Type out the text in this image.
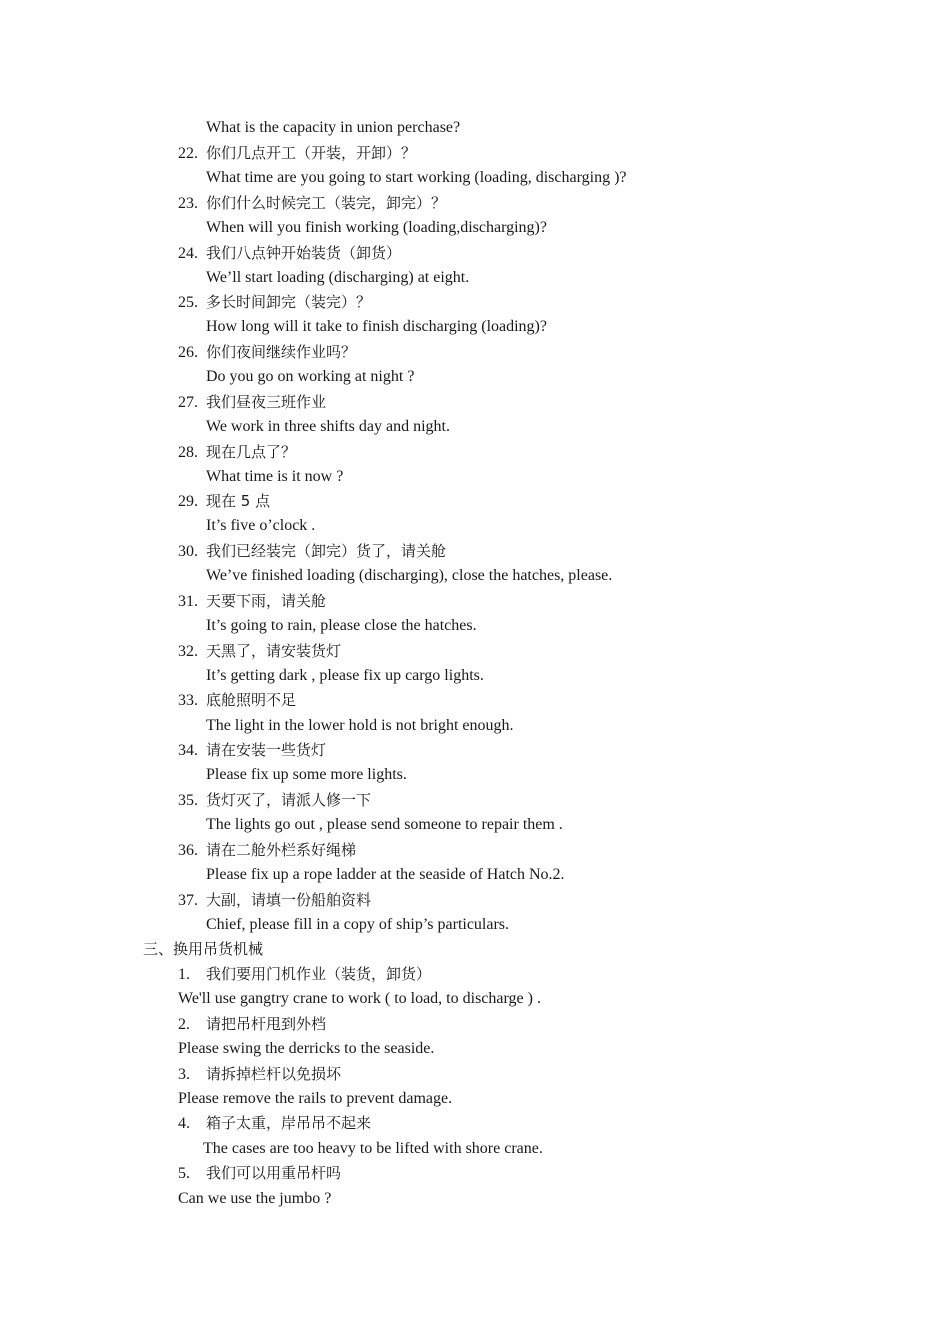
What is the capacity in union perchase?
22. 你们几点开工（开装，开卸）？
What time are you going to start working (loading, discharging )?
23. 你们什么时候完工（装完，卸完）？
When will you finish working (loading,discharging)?
24. 我们八点钟开始装货（卸货）
We’ll start loading (discharging) at eight.
25. 多长时间卸完（装完）？
How long will it take to finish discharging (loading)?
26. 你们夜间继续作业吗？
Do you go on working at night ?
27. 我们昼夜三班作业
We work in three shifts day and night.
28. 现在几点了？
What time is it now ?
29. 现在 5 点
It’s five o’clock .
30. 我们已经装完（卸完）货了，请关舱
We’ve finished loading (discharging), close the hatches, please.
31. 天要下雨，请关舱
It’s going to rain, please close the hatches.
32. 天黑了，请安装货灯
It’s getting dark , please fix up cargo lights.
33. 底舱照明不足
The light in the lower hold is not bright enough.
34. 请在安装一些货灯
Please fix up some more lights.
35. 货灯灭了，请派人修一下
The lights go out , please send someone to repair them .
36. 请在二舱外栏系好绳梯
Please fix up a rope ladder at the seaside of Hatch No.2.
37. 大副，请填一份船舶资料
Chief, please fill in a copy of ship’s particulars.
三、换用吊货机械
1. 我们要用门机作业（装货，卸货）
We'll use gangtry crane to work ( to load, to discharge ) .
2. 请把吊杆甩到外档
Please swing the derricks to the seaside.
3. 请拆掉栏杆以免损坏
Please remove the rails to prevent damage.
4. 箱子太重，岸吊吊不起来
The cases are too heavy to be lifted with shore crane.
5. 我们可以用重吊杆吗
Can we use the jumbo ?
